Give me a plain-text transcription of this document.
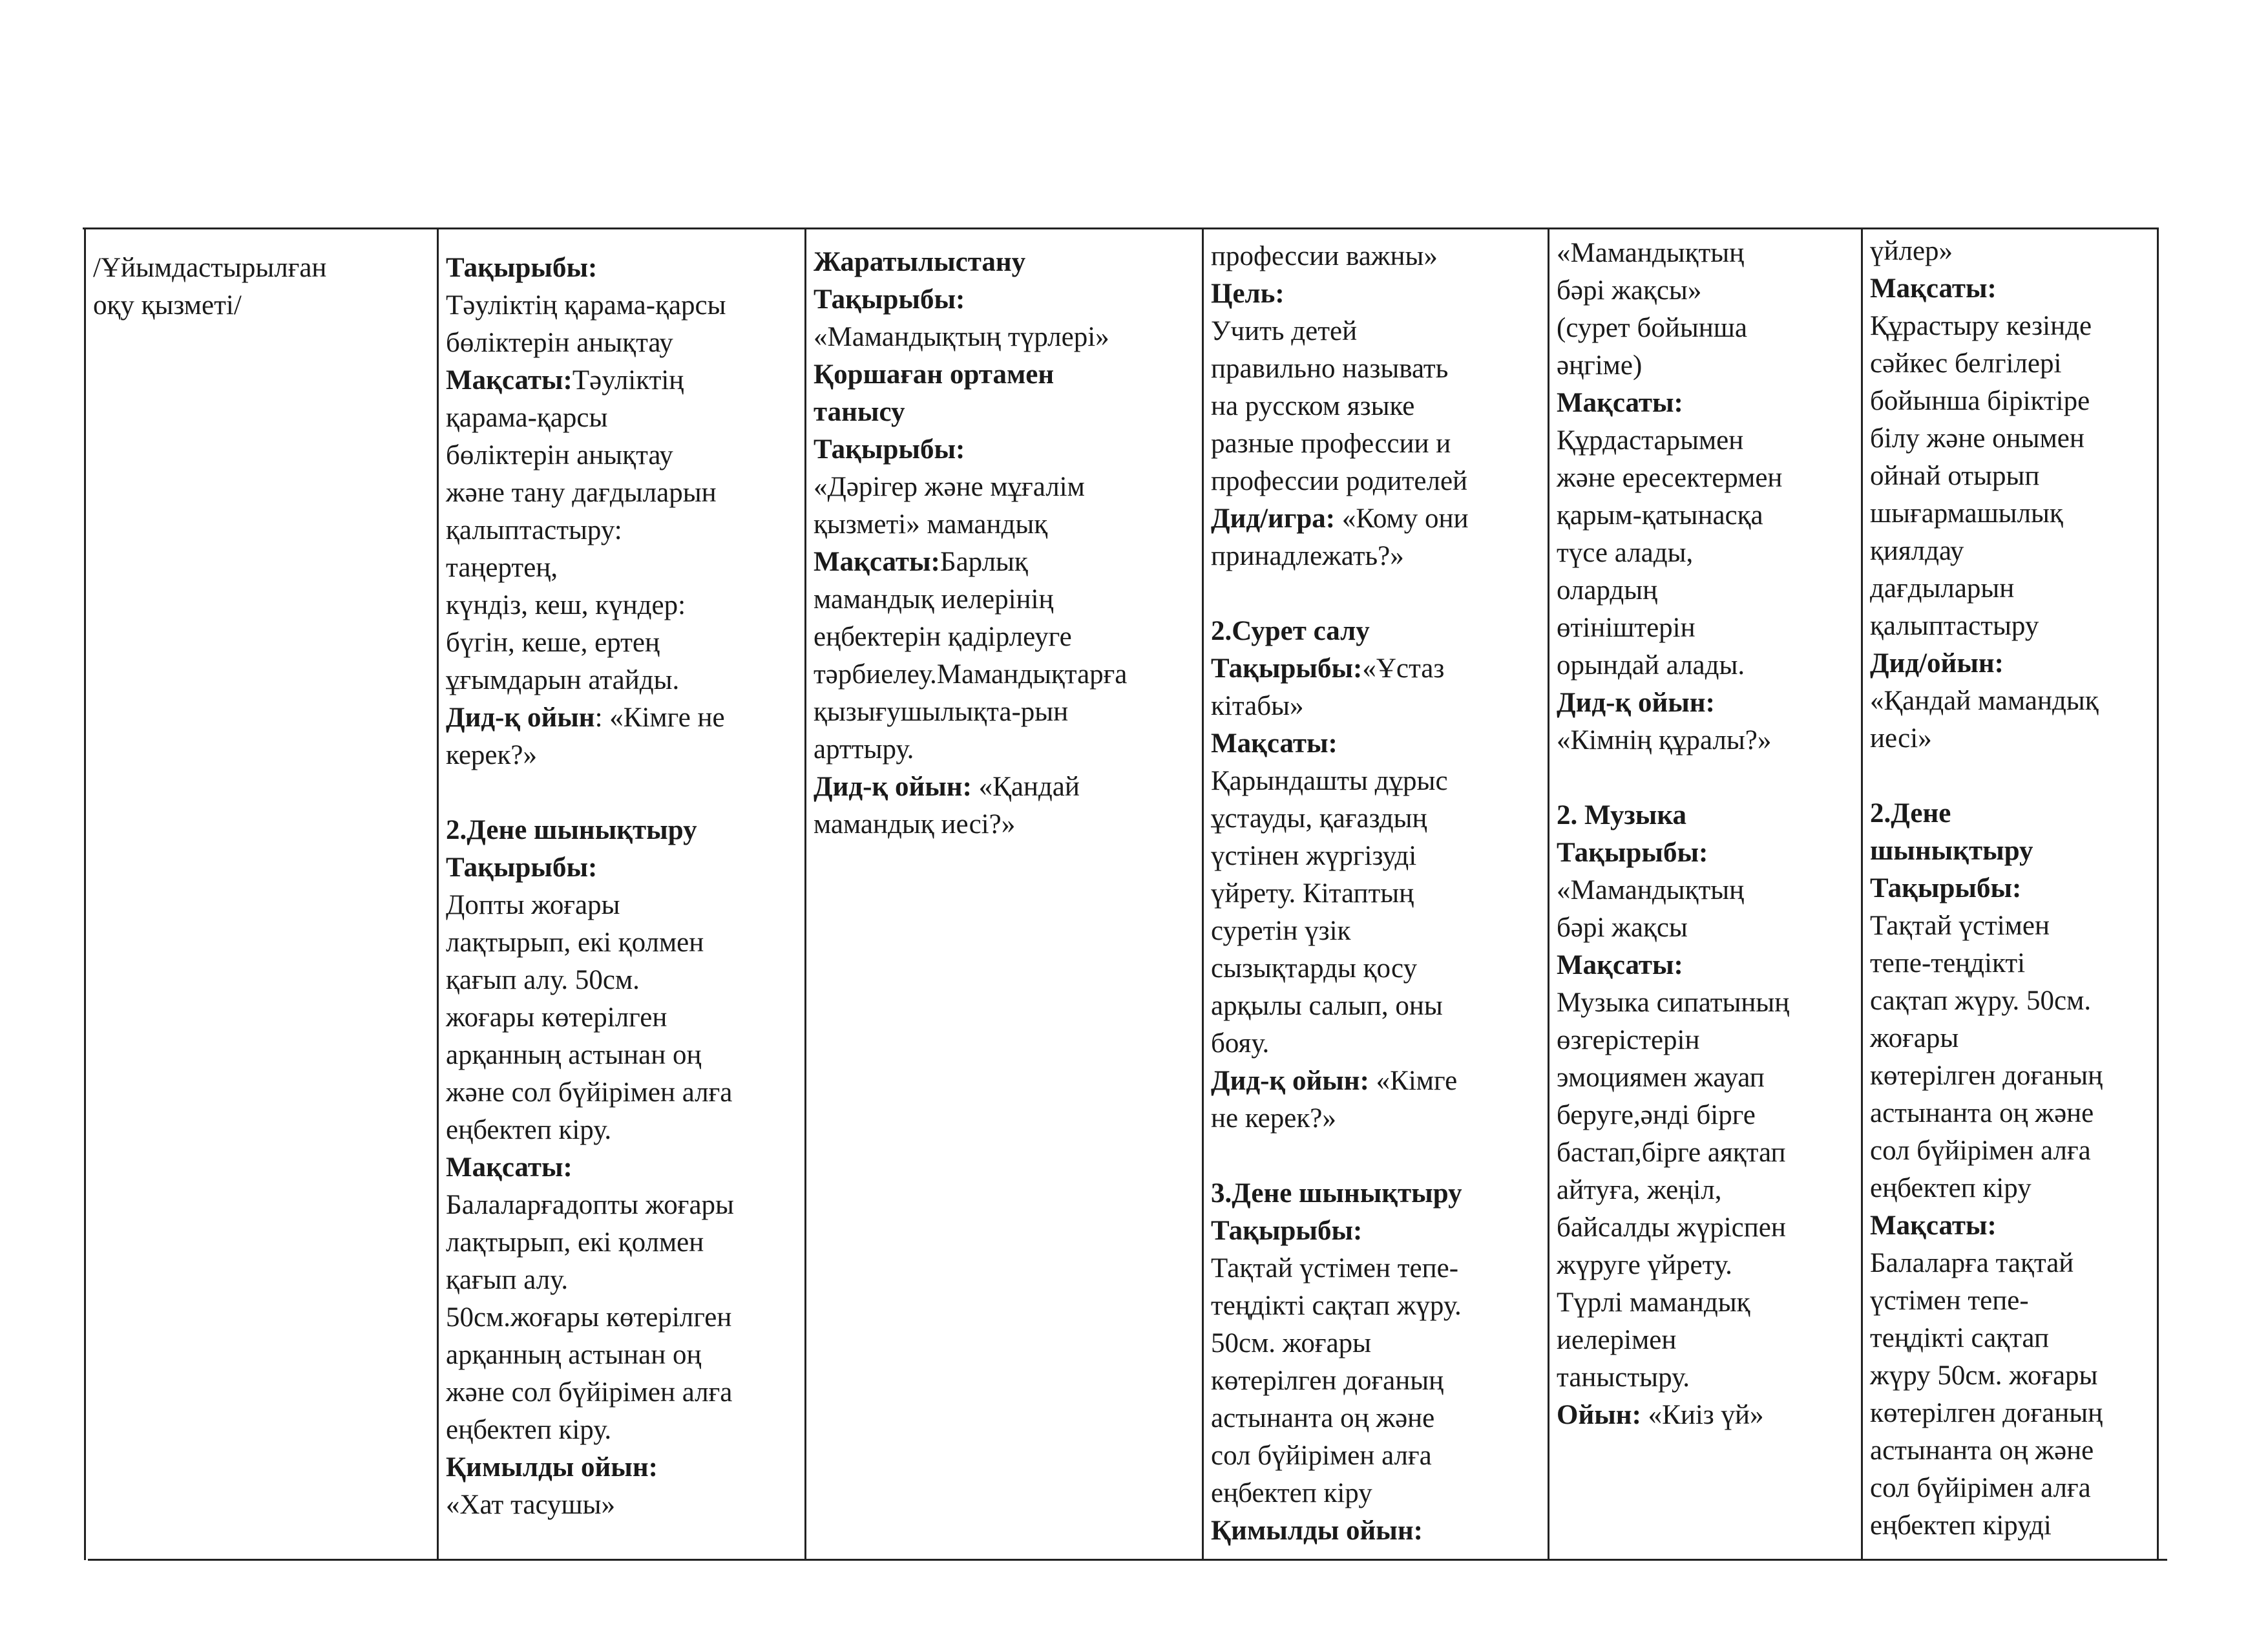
/Ұйымдастырылған
оқу қызметі/
Тақырыбы:
Тәуліктің қарама-қарсы
бөліктерін анықтау
Мақсаты:Тәуліктің
қарама-қарсы
бөліктерін анықтау
және тану дағдыларын
қалыптастыру:
таңертең,
күндіз, кеш, күндер:
бүгін, кеше, ертең
ұғымдарын атайды.
Дид-қ ойын: «Кімге не
керек?»
2.Дене шынықтыру
Тақырыбы:
Допты жоғары
лақтырып, екі қолмен
қағып алу. 50см.
жоғары көтерілген
арқанның астынан оң
және сол бүйірімен алға
еңбектеп кіру.
Мақсаты:
Балаларғадопты жоғары
лақтырып, екі қолмен
қағып алу.
50см.жоғары көтерілген
арқанның астынан оң
және сол бүйірімен алға
еңбектеп кіру.
Қимылды ойын:
«Хат тасушы»
Жаратылыстану
Тақырыбы:
«Мамандықтың түрлері»
Қоршаған ортамен
танысу
Тақырыбы:
«Дәрігер және мұғалім
қызметі» мамандық
Мақсаты:Барлық
мамандық иелерінің
еңбектерін қадірлеуге
тәрбиелеу.Мамандықтарға
қызығушылықта-рын
арттыру.
Дид-қ ойын: «Қандай
мамандық иесі?»
профессии важны»
Цель:
Учить детей
правильно называть
на русском языке
разные профессии и
профессии родителей
Дид/игра: «Кому они
принадлежать?»
2.Сурет салу
Тақырыбы:«Ұстаз
кітабы»
Мақсаты:
Қарындашты дұрыс
ұстауды, қағаздың
үстінен жүргізуді
үйрету. Кітаптың
суретін үзік
сызықтарды қосу
арқылы салып, оны
бояу.
Дид-қ ойын: «Кімге
не керек?»
3.Дене шынықтыру
Тақырыбы:
Тақтай үстімен тепе-
теңдікті сақтап жүру.
50см. жоғары
көтерілген доғаның
астынанта оң және
сол бүйірімен алға
еңбектеп кіру
Қимылды ойын:
«Мамандықтың
бәрі жақсы»
(сурет бойынша
әңгіме)
Мақсаты:
Құрдастарымен
және ересектермен
қарым-қатынасқа
түсе алады,
олардың
өтініштерін
орындай алады.
Дид-қ ойын:
«Кімнің құралы?»
2. Музыка
Тақырыбы:
«Мамандықтың
бәрі жақсы
Мақсаты:
Музыка сипатының
өзгерістерін
эмоциямен жауап
беруге,әнді бірге
бастап,бірге аяқтап
айтуға, жеңіл,
байсалды жүріспен
жүруге үйрету.
Түрлі мамандық
иелерімен
таныстыру.
Ойын: «Киіз үй»
үйлер»
Мақсаты:
Құрастыру кезінде
сәйкес белгілері
бойынша біріктіре
білу және онымен
ойнай отырып
шығармашылық
қиялдау
дағдыларын
қалыптастыру
Дид/ойын:
«Қандай мамандық
иесі»
2.Дене
шынықтыру
Тақырыбы:
Тақтай үстімен
тепе-теңдікті
сақтап жүру. 50см.
жоғары
көтерілген доғаның
астынанта оң және
сол бүйірімен алға
еңбектеп кіру
Мақсаты:
Балаларға тақтай
үстімен тепе-
теңдікті сақтап
жүру 50см. жоғары
көтерілген доғаның
астынанта оң және
сол бүйірімен алға
еңбектеп кіруді
